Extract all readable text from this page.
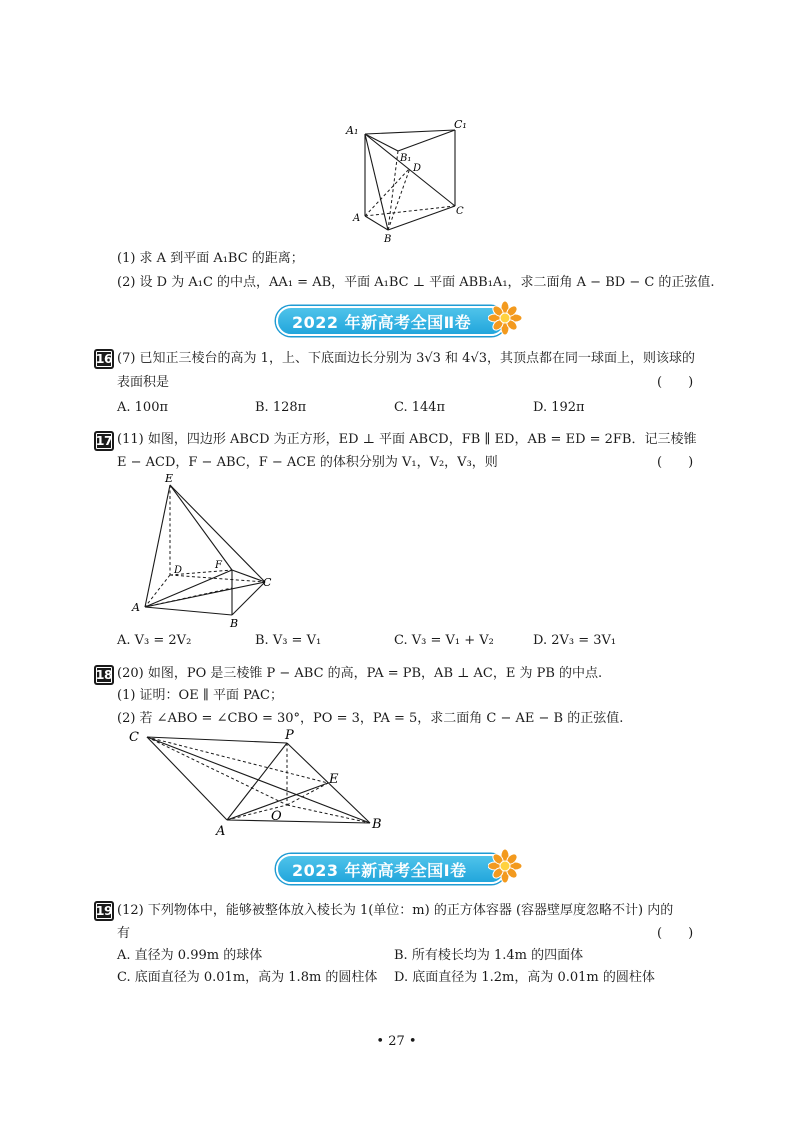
A₁	C₁
B₁
D
A
B
C
(1) 求 A 到平面 A₁BC 的距离；
(2) 设 D 为 A₁C 的中点，AA₁ = AB，平面 A₁BC ⊥ 平面 ABB₁A₁，求二面角 A − BD − C 的正弦值.
2022 年新高考全国Ⅱ卷
16 (7) 已知正三棱台的高为 1，上、下底面边长分别为 3√3 和 4√3，其顶点都在同一球面上，则该球的
表面积是	(　　)
A. 100π	B. 128π	C. 144π	D. 192π
17 (11) 如图，四边形 ABCD 为正方形，ED ⊥ 平面 ABCD，FB ∥ ED，AB = ED = 2FB．记三棱锥
E − ACD，F − ABC，F − ACE 的体积分别为 V₁，V₂，V₃，则	(　　)
E
D	F
C
A
B
A. V₃ = 2V₂	B. V₃ = V₁	C. V₃ = V₁ + V₂	D. 2V₃ = 3V₁
18 (20) 如图，PO 是三棱锥 P − ABC 的高，PA = PB，AB ⊥ AC，E 为 PB 的中点.
(1) 证明：OE ∥ 平面 PAC；
(2) 若 ∠ABO = ∠CBO = 30°，PO = 3，PA = 5，求二面角 C − AE − B 的正弦值.
C	P
E
O
A	B
2023 年新高考全国Ⅰ卷
19 (12) 下列物体中，能够被整体放入棱长为 1(单位：m) 的正方体容器 (容器壁厚度忽略不计) 内的
有	(　　)
A. 直径为 0.99m 的球体	B. 所有棱长均为 1.4m 的四面体
C. 底面直径为 0.01m，高为 1.8m 的圆柱体 D. 底面直径为 1.2m，高为 0.01m 的圆柱体
• 27 •
